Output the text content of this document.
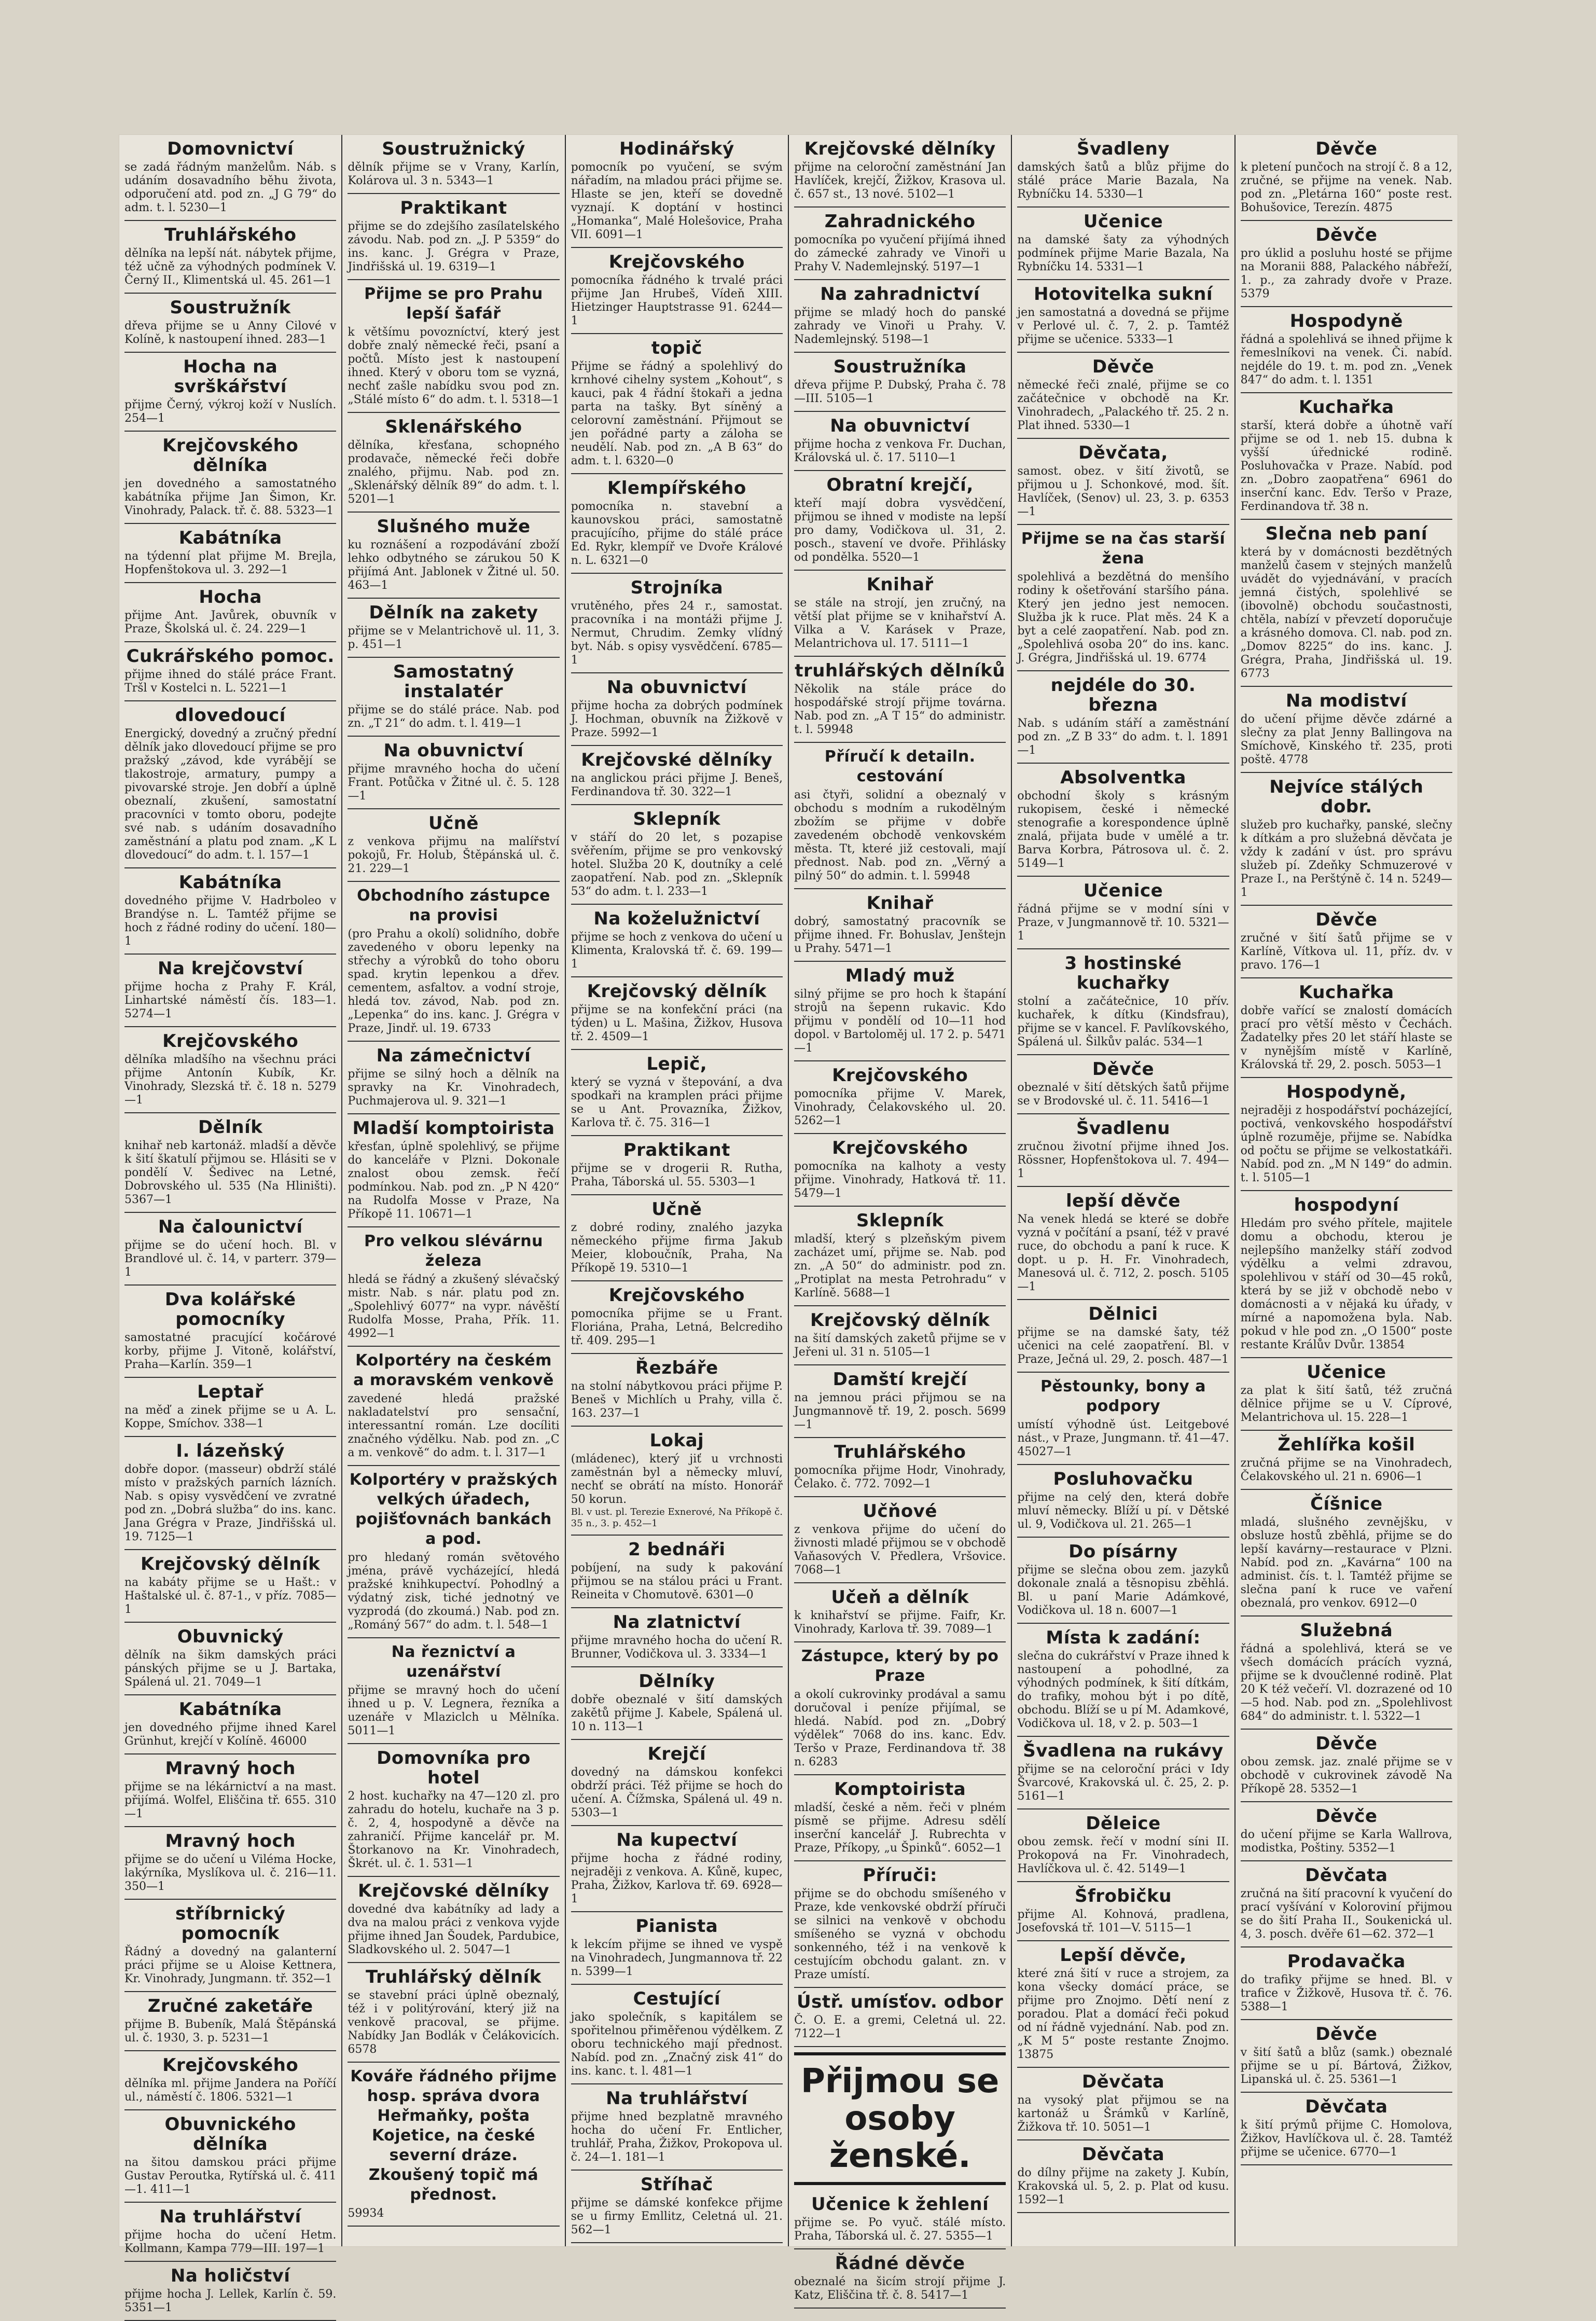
Domovnictví

se zadá řádným manželům. Náb. s udáním dosavadního běhu života, odporučení atd. pod zn. „J G 79“ do adm. t. l. 5230—1

Truhlářského

dělníka na lepší nát. nábytek přijme, též učně za výhodných podmínek V. Černý II., Klimentská ul. 45. 261—1

Soustružník

dřeva přijme se u Anny Cilové v Kolíně, k nastoupení ihned. 283—1

Hocha na svrškářství

přijme Černý, výkroj koží v Nuslích. 254—1

Krejčovského dělníka

jen dovedného a samostatného kabátníka přijme Jan Šimon, Kr. Vinohrady, Palack. tř. č. 88. 5323—1

Kabátníka

na týdenní plat přijme M. Brejla, Hopfenštokova ul. 3. 292—1

Hocha

přijme Ant. Javůrek, obuvník v Praze, Školská ul. č. 24. 229—1

Cukrářského pomoc.

přijme ihned do stálé práce Frant. Tršl v Kostelci n. L. 5221—1

dlovedoucí

Energický, dovedný a zručný přední dělník jako dlovedoucí přijme se pro pražský „závod, kde vyrábějí se tlakostroje, armatury, pumpy a pivovarské stroje. Jen dobří a úplně obeznalí, zkušení, samostatní pracovníci v tomto oboru, podejte své nab. s udáním dosavadního zaměstnání a platu pod znam. „K L dlovedoucí“ do adm. t. l. 157—1

Kabátníka

dovedného přijme V. Hadrboleo v Brandýse n. L. Tamtéž přijme se hoch z řádné rodiny do učení. 180—1

Na krejčovství

přijme hocha z Prahy F. Král, Linhartské náměstí čís. 183—1. 5274—1

Krejčovského

dělníka mladšího na všechnu práci přijme Antonín Kubík, Kr. Vinohrady, Slezská tř. č. 18 n. 5279—1

Dělník

knihař neb kartonáž. mladší a děvče k šití škatulí přijmou se. Hlásiti se v pondělí V. Šedivec na Letné, Dobrovského ul. 535 (Na Hliništi). 5367—1

Na čalounictví

přijme se do učení hoch. Bl. v Brandlové ul. č. 14, v parterr. 379—1

Dva kolářské pomocníky

samostatné pracující kočárové korby, přijme J. Vitoně, kolářství, Praha—Karlín. 359—1

Leptař

na měď a zinek přijme se u A. L. Koppe, Smíchov. 338—1

I. lázeňský

dobře dopor. (masseur) obdrží stálé místo v pražských parních lázních. Nab. s opisy vysvědčení ve zvratné pod zn. „Dobrá služba“ do ins. kanc. Jana Grégra v Praze, Jindřišská ul. 19. 7125—1

Krejčovský dělník

na kabáty přijme se u Hašt.: v Haštalské ul. č. 87-1., v příz. 7085—1

Obuvnický

dělník na šikm damských práci pánských přijme se u J. Bartaka, Spálená ul. 21. 7049—1

Kabátníka

jen dovedného přijme ihned Karel Grünhut, krejčí v Kolíně. 46000

Mravný hoch

přijme se na lékárnictví a na mast. přijímá. Wolfel, Eliščina tř. 655. 310—1

Mravný hoch

přijme se do učení u Viléma Hocke, lakýrníka, Myslíkova ul. č. 216—11. 350—1

stříbrnický pomocník

Řádný a dovedný na galanterní práci přijme se u Aloise Kettnera, Kr. Vinohrady, Jungmann. tř. 352—1

Zručné zaketáře

přijme B. Bubeník, Malá Štěpánská ul. č. 1930, 3. p. 5231—1

Krejčovského

dělníka ml. přijme Jandera na Poříčí ul., náměstí č. 1806. 5321—1

Obuvnického dělníka

na šitou damskou práci přijme Gustav Peroutka, Rytířská ul. č. 411—1. 411—1

Na truhlářství

přijme hocha do učení Hetm. Kollmann, Kampa 779—III. 197—1

Na holičství

přijme hocha J. Lellek, Karlín č. 59. 5351—1

Soustružnický

dělník přijme se v Vrany, Karlín, Kolárova ul. 3 n. 5343—1

Praktikant

přijme se do zdejšího zasílatelského závodu. Nab. pod zn. „J. P 5359“ do ins. kanc. J. Grégra v Praze, Jindřišská ul. 19. 6319—1

Přijme se pro Prahu lepší šafář

k většímu povozníctví, který jest dobře znalý německé řeči, psaní a počtů. Místo jest k nastoupení ihned. Který v oboru tom se vyzná, nechť zašle nabídku svou pod zn. „Stálé místo 6“ do adm. t. l. 5318—1

Sklenářského

dělníka, křesťana, schopného prodavače, německé řeči dobře znalého, přijmu. Nab. pod zn. „Sklenářský dělník 89“ do adm. t. l. 5201—1

Slušného muže

ku roznášení a rozpodávání zboží lehko odbytného se zárukou 50 K přijímá Ant. Jablonek v Žitné ul. 50. 463—1

Dělník na zakety

přijme se v Melantrichově ul. 11, 3. p. 451—1

Samostatný instalatér

přijme se do stálé práce. Nab. pod zn. „T 21“ do adm. t. l. 419—1

Na obuvnictví

přijme mravného hocha do učení Frant. Potůčka v Žitné ul. č. 5. 128—1

Učně

z venkova přijmu na malířství pokojů, Fr. Holub, Štěpánská ul. č. 21. 229—1

Obchodního zástupce na provisi

(pro Prahu a okolí) solidního, dobře zavedeného v oboru lepenky na střechy a výrobků do toho oboru spad. krytin lepenkou a dřev. cementem, asfaltov. a vodní stroje, hledá tov. závod, Nab. pod zn. „Lepenka“ do ins. kanc. J. Grégra v Praze, Jindř. ul. 19. 6733

Na zámečnictví

přijme se silný hoch a dělník na spravky na Kr. Vinohradech, Puchmajerova ul. 9. 321—1

Mladší komptoirista

křesťan, úplně spolehlivý, se přijme do kanceláře v Plzni. Dokonale znalost obou zemsk. řečí podmínkou. Nab. pod zn. „P N 420“ na Rudolfa Mosse v Praze, Na Příkopě 11. 10671—1

Pro velkou slévárnu železa

hledá se řádný a zkušený slévačský mistr. Nab. s nár. platu pod zn. „Spolehlivý 6077“ na vypr. návěští Rudolfa Mosse, Praha, Přík. 11. 4992—1

Kolportéry na českém a moravském venkově

zavedené hledá pražské nakladatelství pro sensační, interessantní román. Lze docíliti značného výdělku. Nab. pod zn. „C a m. venkově“ do adm. t. l. 317—1

Kolportéry v pražských velkých úřadech, pojišťovnách bankách a pod.

pro hledaný román světového jména, právě vycházející, hledá pražské knihkupectví. Pohodlný a výdatný zisk, tiché jednotný ve vyzprodá (do zkoumá.) Nab. pod zn. „Románý 567“ do adm. t. l. 548—1

Na řeznictví a uzenářství

přijme se mravný hoch do učení ihned u p. V. Legnera, řezníka a uzenáře v Mlaziclch u Mělníka. 5011—1

Domovníka pro hotel

2 host. kuchařky na 47—120 zl. pro zahradu do hotelu, kuchaře na 3 p. č. 2, 4, hospodyně a děvče na zahraničí. Přijme kancelář pr. M. Štorkanovo na Kr. Vinohradech, Škrét. ul. č. 1. 531—1

Krejčovské dělníky

dovedné dva kabátníky ad lady a dva na malou práci z venkova vyjde přijme ihned Jan Šoudek, Pardubice, Sladkovského ul. 2. 5047—1

Truhlářský dělník

se stavební práci úplně obeznalý, též i v politýrování, který již na venkově pracoval, se přijme. Nabídky Jan Bodlák v Čelákovicích. 6578

Kováře řádného přijme hosp. správa dvora Heřmaňky, pošta Kojetice, na české severní dráze. Zkoušený topič má přednost.

59934

Hodinářský

pomocník po vyučení, se svým nářadím, na mladou práci přijme se. Hlaste se jen, kteří se dovedně vyznají. K doptání v hostinci „Homanka“, Malé Holešovice, Praha VII. 6091—1

Krejčovského

pomocníka řádného k trvalé práci přijme Jan Hrubeš, Vídeň XIII. Hietzinger Hauptstrasse 91. 6244—1

topič

Přijme se řádný a spolehlivý do krnhové cihelny system „Kohout“, s kauci, pak 4 řádní štokaři a jedna parta na tašky. Byt síněný a celorovní zaměstnání. Přijmout se jen pořádné party a záloha se neudělí. Nab. pod zn. „A B 63“ do adm. t. l. 6320—0

Klempířského

pomocníka n. stavební a kaunovskou práci, samostatně pracujícího, přijme do stálé práce Ed. Rykr, klempíř ve Dvoře Králové n. L. 6321—0

Strojníka

vrutěného, přes 24 r., samostat. pracovníka i na montáži přijme J. Nermut, Chrudim. Zemky vlídný byt. Náb. s opisy vysvědčení. 6785—1

Na obuvnictví

přijme hocha za dobrých podmínek J. Hochman, obuvník na Žižkově v Praze. 5992—1

Krejčovské dělníky

na anglickou práci přijme J. Beneš, Ferdinandova tř. 30. 322—1

Sklepník

v stáří do 20 let, s pozapise svěřením, přijme se pro venkovský hotel. Služba 20 K, doutníky a celé zaopatření. Nab. pod zn. „Sklepník 53“ do adm. t. l. 233—1

Na koželužnictví

přijme se hoch z venkova do učení u Klimenta, Kralovská tř. č. 69. 199—1

Krejčovský dělník

přijme se na konfekční práci (na týden) u L. Mašina, Žižkov, Husova tř. 2. 4509—1

Lepič,

který se vyzná v štepování, a dva spodkaři na kramplen práci přijme se u Ant. Provazníka, Žižkov, Karlova tř. č. 75. 316—1

Praktikant

přijme se v drogerii R. Rutha, Praha, Táborská ul. 55. 5303—1

Učně

z dobré rodiny, znalého jazyka německého přijme firma Jakub Meier, kloboučník, Praha, Na Příkopě 19. 5310—1

Krejčovského

pomocníka přijme se u Frant. Floriána, Praha, Letná, Belcrediho tř. 409. 295—1

Řezbáře

na stolní nábytkovou práci přijme P. Beneš v Michlích u Prahy, villa č. 163. 237—1

Lokaj

(mládenec), který jiť u vrchnosti zaměstnán byl a německy mluví, nechť se obrátí na místo. Honorář 50 korun.

Bl. v ust. pl. Terezie Exnerové, Na Příkopě č. 35 n., 3. p. 452—1

2 bednáři

pobíjení, na sudy k pakování přijmou se na stálou práci u Frant. Reineita v Chomutově. 6301—0

Na zlatnictví

přijme mravného hocha do učení R. Brunner, Vodičkova ul. 3. 3334—1

Dělníky

dobře obeznalé v šití damských zakětů přijme J. Kabele, Spálená ul. 10 n. 113—1

Krejčí

dovedný na dámskou konfekci obdrží práci. Též přijme se hoch do učení. A. Čížmska, Spálená ul. 49 n. 5303—1

Na kupectví

přijme hocha z řádné rodiny, nejraději z venkova. A. Kůně, kupec, Praha, Žižkov, Karlova tř. 69. 6928—1

Pianista

k lekcím přijme se ihned ve vyspě na Vinohradech, Jungmannova tř. 22 n. 5399—1

Cestující

jako společník, s kapitálem se spořitelnou přiměřenou výdělkem. Z oboru technického mají přednost. Nabíd. pod zn. „Značný zisk 41“ do ins. kanc. t. l. 481—1

Na truhlářství

přijme hned bezplatně mravného hocha do učení Fr. Entlicher, truhlář, Praha, Žižkov, Prokopova ul. č. 24—1. 181—1

Stříhač

přijme se dámské konfekce přijme se u firmy Emllitz, Celetná ul. 21. 562—1

Krejčovské dělníky

přijme na celoroční zaměstnání Jan Havlíček, krejčí, Žižkov, Krasova ul. č. 657 st., 13 nové. 5102—1

Zahradnického

pomocníka po vyučení přijímá ihned do zámecké zahrady ve Vinoři u Prahy V. Nademlejnský. 5197—1

Na zahradnictví

přijme se mladý hoch do panské zahrady ve Vinoři u Prahy. V. Nademlejnský. 5198—1

Soustružníka

dřeva přijme P. Dubský, Praha č. 78—III. 5105—1

Na obuvnictví

přijme hocha z venkova Fr. Duchan, Královská ul. č. 17. 5110—1

Obratní krejčí,

kteří mají dobra vysvědčení, přijmou se ihned v modiste na lepší pro damy, Vodičkova ul. 31, 2. posch., stavení ve dvoře. Přihlásky od pondělka. 5520—1

Knihař

se stále na strojí, jen zručný, na větší plat přijme se v knihařství A. Vilka a V. Karásek v Praze, Melantrichova ul. 17. 5111—1

truhlářských dělníků

Několik na stále práce do hospodářské strojí přijme továrna. Nab. pod zn. „A T 15“ do administr. t. l. 59948

Příručí k detailn. cestování

asi čtyři, solidní a obeznalý v obchodu s modním a rukodělným zbožím se přijme v dobře zavedeném obchodě venkovském města. Tt, které již cestovali, mají přednost. Nab. pod zn. „Věrný a pilný 50“ do admin. t. l. 59948

Knihař

dobrý, samostatný pracovník se přijme ihned. Fr. Bohuslav, Jenštejn u Prahy. 5471—1

Mladý muž

silný přijme se pro hoch k štapání strojů na šepenn rukavic. Kdo přijmu v pondělí od 10—11 hod dopol. v Bartoloměj ul. 17 2. p. 5471—1

Krejčovského

pomocníka přijme V. Marek, Vinohrady, Čelakovského ul. 20. 5262—1

Krejčovského

pomocníka na kalhoty a vesty přijme. Vinohrady, Hatková tř. 11. 5479—1

Sklepník

mladší, který s plzeňským pivem zacházet umí, přijme se. Nab. pod zn. „A 50“ do administr. pod zn. „Protiplat na mesta Petrohradu“ v Karlíně. 5688—1

Krejčovský dělník

na šití damských zaketů přijme se v Jeřeni ul. 31 n. 5105—1

Damští krejčí

na jemnou práci přijmou se na Jungmannově tř. 19, 2. posch. 5699—1

Truhlářského

pomocníka přijme Hodr, Vinohrady, Čelako. č. 772. 7092—1

Učňové

z venkova přijme do učení do živnosti mladé přijmou se v obchodě Vaňasových V. Předlera, Vršovice. 7068—1

Učeň a dělník

k knihařství se přijme. Faifr, Kr. Vinohrady, Karlova tř. 39. 7089—1

Zástupce, který by po Praze

a okolí cukrovinky prodával a samu doručoval i peníze přijímal, se hledá. Nabíd. pod zn. „Dobrý výdělek“ 7068 do ins. kanc. Edv. Teršo v Praze, Ferdinandova tř. 38 n. 6283

Komptoirista

mladší, české a něm. řeči v plném písmě se přijme. Adresu sdělí inserční kancelář J. Rubrechta v Praze, Příkopy, „u Špinků“. 6052—1

Příruči:

přijme se do obchodu smíšeného v Praze, kde venkovské obdrží příruči se silnici na venkově v obchodu smíšeného se vyzná v obchodu sonkenného, též i na venkově k cestujícím obchodu galant. zn. v Praze umístí.

Ústř. umísťov. odbor

Č. O. E. a gremi, Celetná ul. 22. 7122—1

Přijmou se osoby ženské.
Učenice k žehlení

přijme se. Po vyuč. stálé místo. Praha, Táborská ul. č. 27. 5355—1

Řádné děvče

obeznalé na šicím strojí přijme J. Katz, Eliščina tř. č. 8. 5417—1

Švadleny

damských šatů a blůz přijme do stálé práce Marie Bazala, Na Rybníčku 14. 5330—1

Učenice

na damské šaty za výhodných podmínek přijme Marie Bazala, Na Rybníčku 14. 5331—1

Hotovitelka sukní

jen samostatná a dovedná se přijme v Perlové ul. č. 7, 2. p. Tamtéž přijme se učenice. 5333—1

Děvče

německé řeči znalé, přijme se co začátečnice v obchodě na Kr. Vinohradech, „Palackého tř. 25. 2 n. Plat ihned. 5330—1

Děvčata,

samost. obez. v šití životů, se přijmou u J. Schonkové, mod. šít. Havlíček, (Senov) ul. 23, 3. p. 6353—1

Přijme se na čas starší žena

spolehlivá a bezdětná do menšího rodiny k ošetřování staršího pána. Který jen jedno jest nemocen. Služba jk k ruce. Plat měs. 24 K a byt a celé zaopatření. Nab. pod zn. „Spolehlivá osoba 20“ do ins. kanc. J. Grégra, Jindřišská ul. 19. 6774

nejdéle do 30. března

Nab. s udáním stáří a zaměstnání pod zn. „Z B 33“ do adm. t. l. 1891—1

Absolventka

obchodní školy s krásným rukopisem, české i německé stenografie a korespondence úplně znalá, přijata bude v umělé a tr. Barva Korbra, Pátrosova ul. č. 2. 5149—1

Učenice

řádná přijme se v modní síni v Praze, v Jungmannově tř. 10. 5321—1

3 hostinské kuchařky

stolní a začátečnice, 10 přív. kuchařek, k dítku (Kindsfrau), přijme se v kancel. F. Pavlíkovského, Spálená ul. Šilkův palác. 534—1

Děvče

obeznalé v šití dětských šatů přijme se v Brodovské ul. č. 11. 5416—1

Švadlenu

zručnou životní přijme ihned Jos. Rössner, Hopfenštokova ul. 7. 494—1

lepší děvče

Na venek hledá se které se dobře vyzná v počítání a psaní, též v pravé ruce, do obchodu a paní k ruce. K dopt. u p. H. Fr. Vinohradech, Manesová ul. č. 712, 2. posch. 5105—1

Dělnici

přijme se na damské šaty, též učenici na celé zaopatření. Bl. v Praze, Ječná ul. 29, 2. posch. 487—1

Pěstounky, bony a podpory

umístí výhodně úst. Leitgebové nást., v Praze, Jungmann. tř. 41—47. 45027—1

Posluhovačku

přijme na celý den, která dobře mluví německy. Blíží u pí. v Dětské ul. 9, Vodičkova ul. 21. 265—1

Do písárny

přijme se slečna obou zem. jazyků dokonale znalá a těsnopisu zběhlá. Bl. u paní Marie Adámkové, Vodičkova ul. 18 n. 6007—1

Místa k zadání:

slečna do cukrářství v Praze ihned k nastoupení a pohodlné, za výhodných podmínek, k šití dítkám, do trafiky, mohou být i po dítě, obchodu. Blíží se u pí M. Adamkové, Vodičkova ul. 18, v 2. p. 503—1

Švadlena na rukávy

přijme se na celoroční práci v Idy Švarcové, Krakovská ul. č. 25, 2. p. 5161—1

Děleice

obou zemsk. řečí v modní síni II. Prokopová na Fr. Vinohradech, Havlíčkova ul. č. 42. 5149—1

Šfrobičku

přijme Al. Kohnová, pradlena, Josefovská tř. 101—V. 5115—1

Lepší děvče,

které zná šití v ruce a strojem, za kona všecky domácí práce, se přijme pro Znojmo. Dětí není z poradou. Plat a domácí řeči pokud od ní řádně vyjednání. Nab. pod zn. „K M 5“ poste restante Znojmo. 13875

Děvčata

na vysoký plat přijmou se na kartonáž u Šrámků v Karlíně, Žižkova tř. 10. 5051—1

Děvčata

do dílny přijme na zakety J. Kubín, Krakovská ul. 5, 2. p. Plat od kusu. 1592—1

Děvče

k pletení punčoch na strojí č. 8 a 12, zručné, se přijme na venek. Nab. pod zn. „Pletárna 160“ poste rest. Bohušovice, Terezín. 4875

Děvče

pro úklid a posluhu hosté se přijme na Moranii 888, Palackého nábřeží, 1. p., za zahrady dvoře v Praze. 5379

Hospodyně

řádná a spolehlivá se ihned přijme k řemeslníkovi na venek. Či. nabíd. nejdéle do 19. t. m. pod zn. „Venek 847“ do adm. t. l. 1351

Kuchařka

starší, která dobře a úhotně vaří přijme se od 1. neb 15. dubna k vyšší úřednické rodině. Posluhovačka v Praze. Nabíd. pod zn. „Dobro zaopatřena“ 6961 do inserční kanc. Edv. Teršo v Praze, Ferdinandova tř. 38 n.

Slečna neb paní

která by v domácnosti bezdětných manželů časem v stejných manželů uvádět do vyjednávání, v pracích jemná čistých, spolehlivé se (ibovolně) obchodu součastnosti, chtěla, nabízí v převzetí doporučuje a krásného domova. Cl. nab. pod zn. „Domov 8225“ do ins. kanc. J. Grégra, Praha, Jindřišská ul. 19. 6773

Na modiství

do učení přijme děvče zdárné a slečny za plat Jenny Ballingova na Smíchově, Kinského tř. 235, proti poště. 4778

Nejvíce stálých dobr.

služeb pro kuchařky, panské, slečny k dítkám a pro služebná děvčata je vždy k zadání v úst. pro správu služeb pí. Zdeňky Schmuzerové v Praze I., na Perštýně č. 14 n. 5249—1

Děvče

zručné v šití šatů přijme se v Karlíně, Vítkova ul. 11, příz. dv. v pravo. 176—1

Kuchařka

dobře vařící se znalostí domácích prací pro větší město v Čechách. Žadatelky přes 20 let stáří hlaste se v nynějším místě v Karlíně, Královská tř. 29, 2. posch. 5053—1

Hospodyně,

nejraději z hospodářství pocházející, poctivá, venkovského hospodářství úplně rozuměje, přijme se. Nabídka od počtu se přijme se velkostatkáři. Nabíd. pod zn. „M N 149“ do admin. t. l. 5105—1

hospodyní

Hledám pro svého přítele, majitele domu a obchodu, kterou je nejlepšího manželky stáří zodvod výdělku a velmi zdravou, spolehlivou v stáří od 30—45 roků, která by se již v obchodě nebo v domácnosti a v nějaká ku úřady, v mírné a napomožena byla. Nab. pokud v hle pod zn. „O 1500“ poste restante Králův Dvůr. 13854

Učenice

za plat k šití šatů, též zručná dělnice přijme se u V. Cíprové, Melantrichova ul. 15. 228—1

Žehlířka košil

zručná přijme se na Vinohradech, Čelakovského ul. 21 n. 6906—1

Číšnice

mladá, slušného zevnějšku, v obsluze hostů zběhlá, přijme se do lepší kavárny—restaurace v Plzni. Nabíd. pod zn. „Kavárna“ 100 na administ. čís. t. l. Tamtéž přijme se slečna paní k ruce ve vaření obeznalá, pro venkov. 6912—0

Služebná

řádná a spolehlivá, která se ve všech domácích prácích vyzná, přijme se k dvoučlenné rodině. Plat 20 K též večeří. Vl. dozrazené od 10—5 hod. Nab. pod zn. „Spolehlivost 684“ do administr. t. l. 5322—1

Děvče

obou zemsk. jaz. znalé přijme se v obchodě v cukrovinek závodě Na Příkopě 28. 5352—1

Děvče

do učení přijme se Karla Wallrova, modistka, Poštiny. 5352—1

Děvčata

zručná na šití pracovní k vyučení do prací vyšívání v Koloroviní přijmou se do šití Praha II., Soukenická ul. 4, 3. posch. dvěře 61—62. 372—1

Prodavačka

do trafiky přijme se hned. Bl. v trafice v Žižkově, Husova tř. č. 76. 5388—1

Děvče

v šití šatů a blůz (samk.) obeznalé přijme se u pí. Bártová, Žižkov, Lipanská ul. č. 25. 5361—1

Děvčata

k šití prýmů přijme C. Homolova, Žižkov, Havlíčkova ul. č. 28. Tamtéž přijme se učenice. 6770—1
